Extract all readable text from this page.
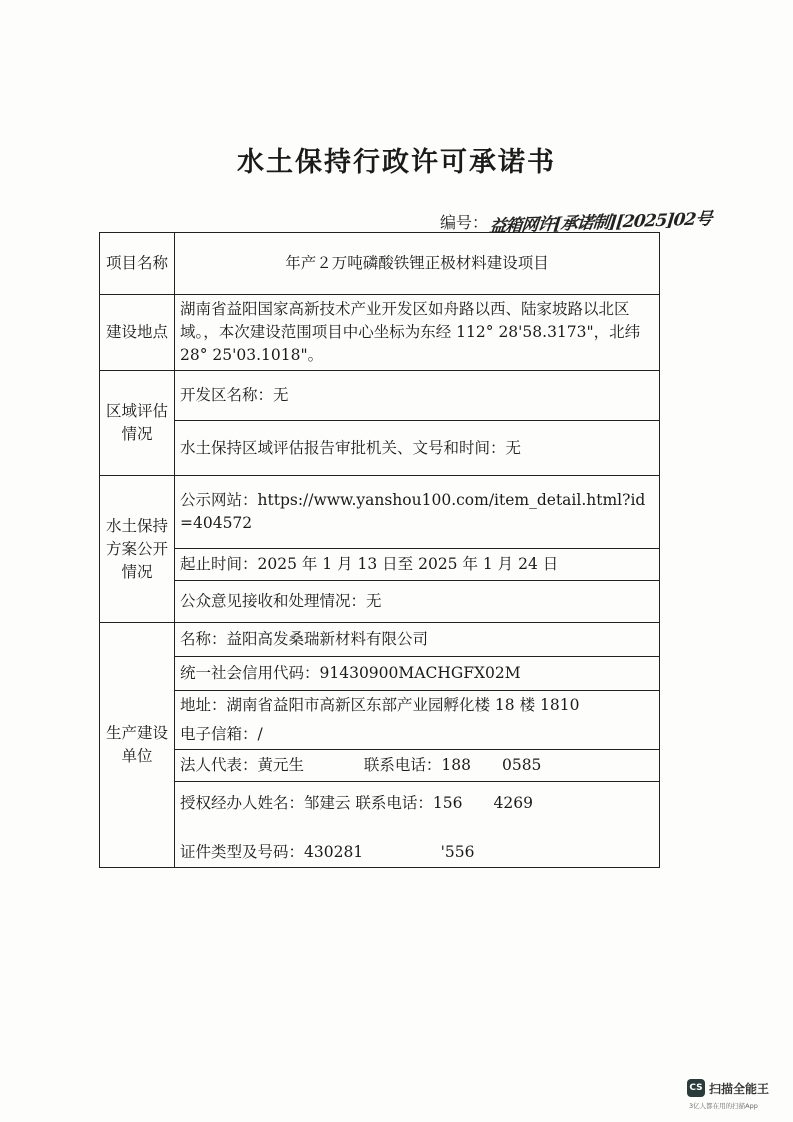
水土保持行政许可承诺书
编号： 益箱网许[承诺制][2025]02号
项目名称	年产２万吨磷酸铁锂正极材料建设项目
建设地点	湖南省益阳国家高新技术产业开发区如舟路以西、陆家坡路以北区域。，本次建设范围项目中心坐标为东经 112° 28'58.3173"，北纬 28° 25'03.1018"。
区域评估情况	开发区名称：无
	水土保持区域评估报告审批机关、文号和时间：无
水土保持方案公开情况	公示网站：https://www.yanshou100.com/item_detail.html?id=404572
	起止时间：2025 年 1 月 13 日至 2025 年 1 月 24 日
	公众意见接收和处理情况：无
生产建设单位	名称：益阳高发桑瑞新材料有限公司
	统一社会信用代码：91430900MACHGFX02M
	地址：湖南省益阳市高新区东部产业园孵化楼 18 楼 1810
	电子信箱：/
	法人代表：黄元生 联系电话：188　　0585

	授权经办人姓名：邹建云 联系电话：156　　4269
证件类型及号码：430281　　　　　'556
CS 扫描全能王
3亿人都在用的扫描App
